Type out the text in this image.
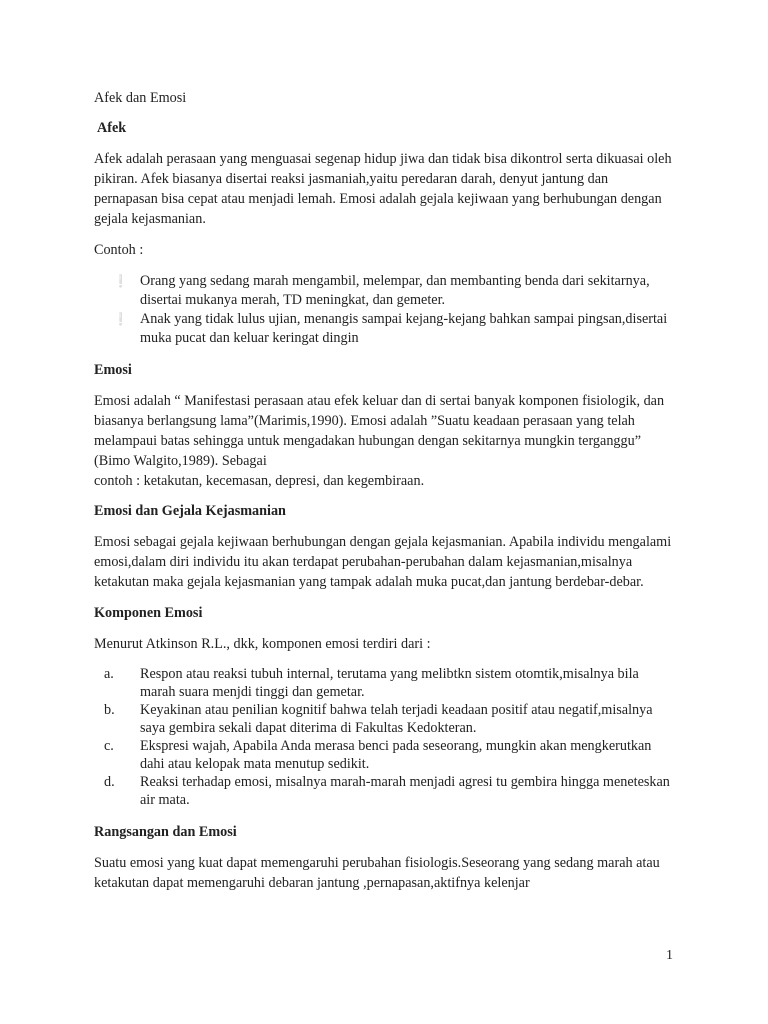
Afek dan Emosi

Afek

Afek adalah perasaan yang menguasai segenap hidup jiwa dan tidak bisa dikontrol serta dikuasai oleh pikiran. Afek biasanya disertai reaksi jasmaniah,yaitu peredaran darah, denyut jantung dan pernapasan bisa cepat atau menjadi lemah. Emosi adalah gejala kejiwaan yang berhubungan dengan gejala kejasmanian.

Contoh :

❕ Orang yang sedang marah mengambil, melempar, dan membanting benda dari sekitarnya, disertai mukanya merah, TD meningkat, dan gemeter.
❕ Anak yang tidak lulus ujian, menangis sampai kejang-kejang bahkan sampai pingsan,disertai muka pucat dan keluar keringat dingin

Emosi

Emosi adalah “ Manifestasi perasaan atau efek keluar dan di sertai banyak komponen fisiologik, dan biasanya berlangsung lama”(Marimis,1990). Emosi adalah ”Suatu keadaan perasaan yang telah melampaui batas sehingga untuk mengadakan hubungan dengan sekitarnya mungkin terganggu” (Bimo Walgito,1989). Sebagai
contoh : ketakutan, kecemasan, depresi, dan kegembiraan.

Emosi dan Gejala Kejasmanian

Emosi sebagai gejala kejiwaan berhubungan dengan gejala kejasmanian. Apabila individu mengalami emosi,dalam diri individu itu akan terdapat perubahan-perubahan dalam kejasmanian,misalnya ketakutan maka gejala kejasmanian yang tampak adalah muka pucat,dan jantung berdebar-debar.

Komponen Emosi

Menurut Atkinson R.L., dkk, komponen emosi terdiri dari :

a. Respon atau reaksi tubuh internal, terutama yang melibtkn sistem otomtik,misalnya bila marah suara menjdi tinggi dan gemetar.
b. Keyakinan atau penilian kognitif bahwa telah terjadi keadaan positif atau negatif,misalnya saya gembira sekali dapat diterima di Fakultas Kedokteran.
c. Ekspresi wajah, Apabila Anda merasa benci pada seseorang, mungkin akan mengkerutkan dahi atau kelopak mata menutup sedikit.
d. Reaksi terhadap emosi, misalnya marah-marah menjadi agresi tu gembira hingga meneteskan air mata.

Rangsangan dan Emosi

Suatu emosi yang kuat dapat memengaruhi perubahan fisiologis.Seseorang yang sedang marah atau ketakutan dapat memengaruhi debaran jantung ,pernapasan,aktifnya kelenjar

1
